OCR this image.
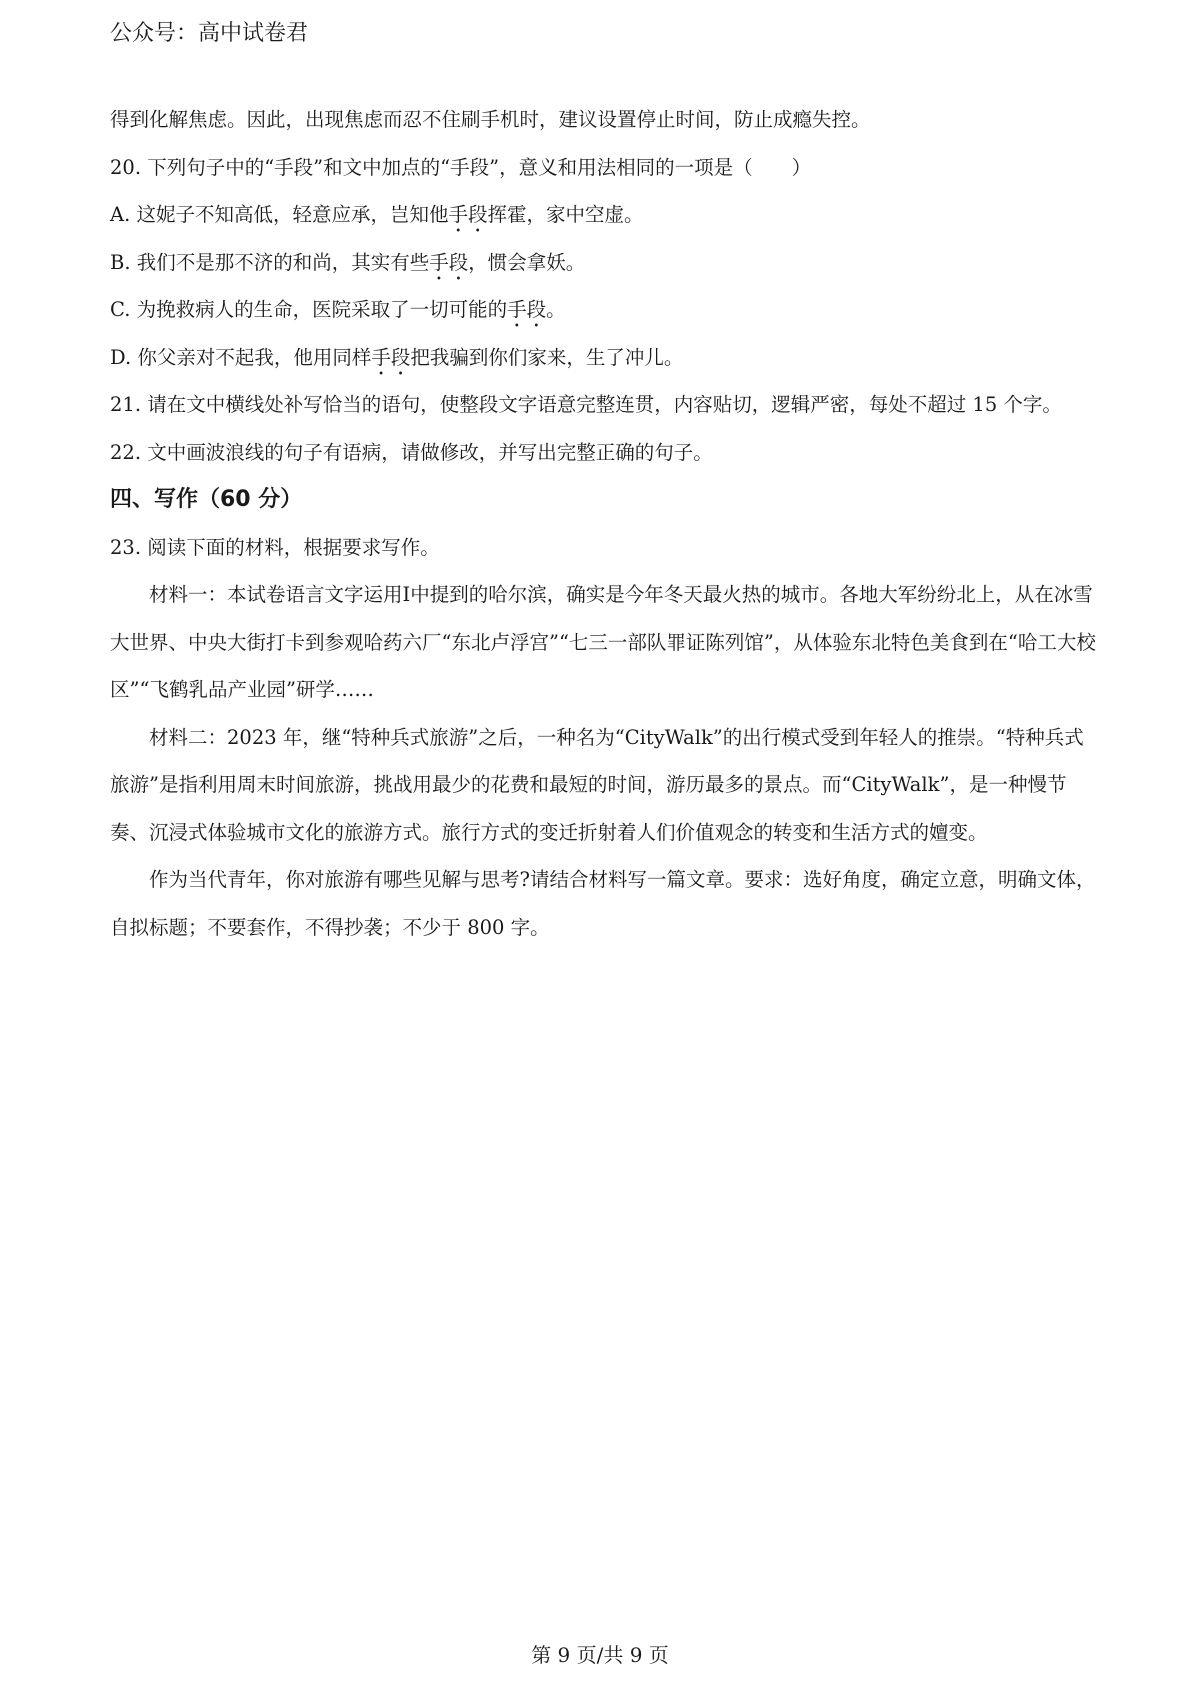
公众号：高中试卷君

得到化解焦虑。因此，出现焦虑而忍不住刷手机时，建议设置停止时间，防止成瘾失控。

20. 下列句子中的“手段”和文中加点的“手段”，意义和用法相同的一项是（　　）

A. 这妮子不知高低，轻意应承，岂知他手段挥霍，家中空虚。

B. 我们不是那不济的和尚，其实有些手段，惯会拿妖。

C. 为挽救病人的生命，医院采取了一切可能的手段。

D. 你父亲对不起我，他用同样手段把我骗到你们家来，生了冲儿。

21. 请在文中横线处补写恰当的语句，使整段文字语意完整连贯，内容贴切，逻辑严密，每处不超过 15 个字。

22. 文中画波浪线的句子有语病，请做修改，并写出完整正确的句子。

四、写作（60 分）

23. 阅读下面的材料，根据要求写作。

材料一：本试卷语言文字运用Ⅰ中提到的哈尔滨，确实是今年冬天最火热的城市。各地大军纷纷北上，从在冰雪大世界、中央大街打卡到参观哈药六厂“东北卢浮宫”“七三一部队罪证陈列馆”，从体验东北特色美食到在“哈工大校区”“飞鹤乳品产业园”研学……

材料二：2023 年，继“特种兵式旅游”之后，一种名为“CityWalk”的出行模式受到年轻人的推崇。“特种兵式旅游”是指利用周末时间旅游，挑战用最少的花费和最短的时间，游历最多的景点。而“CityWalk”，是一种慢节奏、沉浸式体验城市文化的旅游方式。旅行方式的变迁折射着人们价值观念的转变和生活方式的嬗变。

作为当代青年，你对旅游有哪些见解与思考?请结合材料写一篇文章。要求：选好角度，确定立意，明确文体，自拟标题；不要套作，不得抄袭；不少于 800 字。

第 9 页/共 9 页
